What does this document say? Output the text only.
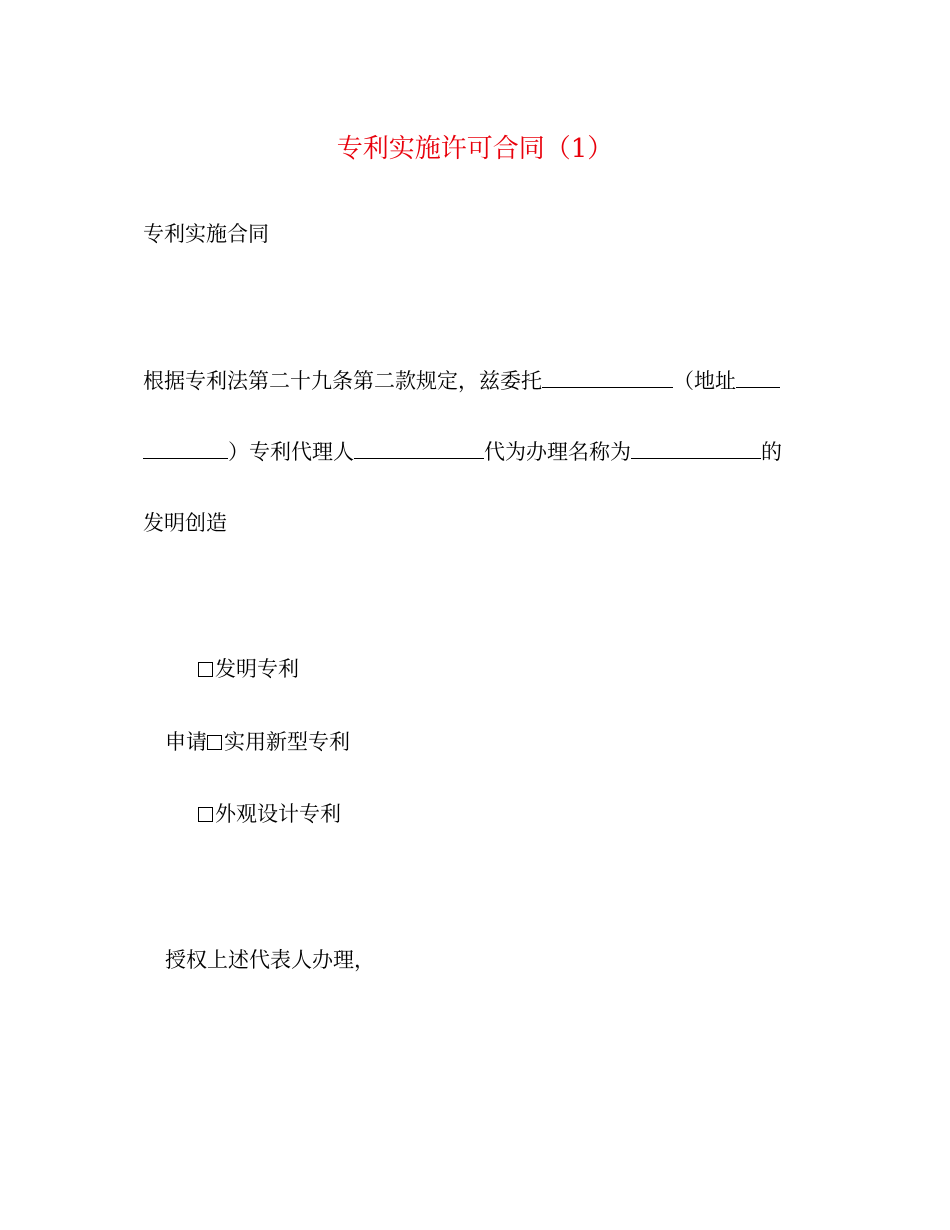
专利实施许可合同（1）
专利实施合同
根据专利法第二十九条第二款规定，兹委托	（地址
）专利代理人	代为办理名称为	的
发明创造
发明专利
申请 实用新型专利
外观设计专利
授权上述代表人办理，
